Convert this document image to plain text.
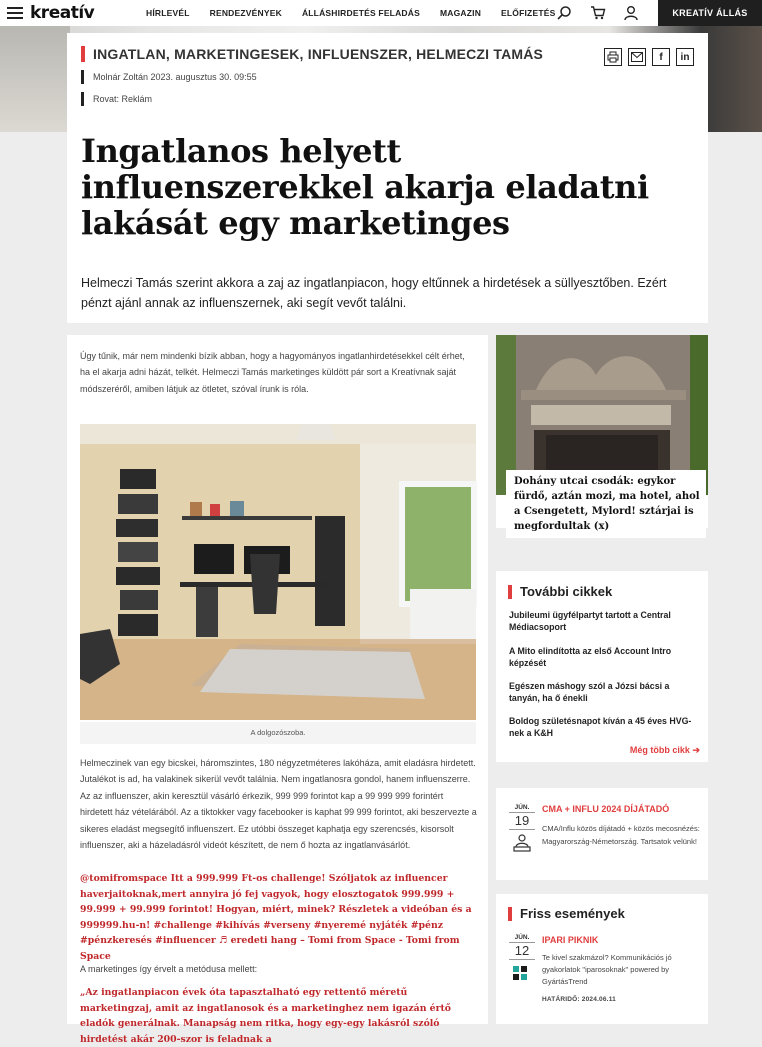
kreatív	HÍRLEVÉL RENDEZVÉNYEK ÁLLÁSHIRDETÉS FELADÁS MAGAZIN ELŐFIZETÉS	KREATÍV ÁLLÁS
INGATLAN, MARKETINGESEK, INFLUENSZER, HELMECZI TAMÁS
Molnár Zoltán 2023. augusztus 30. 09:55
Rovat: Reklám
f	in
Ingatlanos helyett influenszerekkel akarja eladatni lakását egy marketinges
Helmeczi Tamás szerint akkora a zaj az ingatlanpiacon, hogy eltűnnek a hirdetések a süllyesztőben. Ezért pénzt ajánl annak az influenszernek, aki segít vevőt találni.
Úgy tűnik, már nem mindenki bízik abban, hogy a hagyományos ingatlanhirdetésekkel célt érhet, ha el akarja adni házát, telkét. Helmeczi Tamás marketinges küldött pár sort a Kreatívnak saját módszeréről, amiben látjuk az ötletet, szóval írunk is róla.
A dolgozószoba.
Helmeczinek van egy bicskei, háromszintes, 180 négyzetméteres lakóháza, amit eladásra hirdetett. Jutalékot is ad, ha valakinek sikerül vevőt találnia. Nem ingatlanosra gondol, hanem influenszerre. Az az influenszer, akin keresztül vásárló érkezik, 999 999 forintot kap a 99 999 999 forintért hirdetett ház vételárából. Az a tiktokker vagy facebooker is kaphat 99 999 forintot, aki beszervezte a sikeres eladást megsegítő influenszert. Ez utóbbi összeget kaphatja egy szerencsés, kisorsolt influenszer, aki a házeladásról videót készített, de nem ő hozta az ingatlanvásárlót.
@tomifromspace Itt a 999.999 Ft-os challenge! Szóljatok az influencer haverjaitoknak,mert annyira jó fej vagyok, hogy elosztogatok 999.999 + 99.999 + 99.999 forintot! Hogyan, miért, minek? Részletek a videóban és a 999999.hu-n! #challenge #kihívás #verseny #nyeremé nyjáték #pénz #pénzkeresés #influencer ♬ eredeti hang – Tomi from Space - Tomi from Space
A marketinges így érvelt a metódusa mellett:
„Az ingatlanpiacon évek óta tapasztalható egy rettentő méretű marketingzaj, amit az ingatlanosok és a marketinghez nem igazán értő eladók generálnak. Manapság nem ritka, hogy egy-egy lakásról szóló hirdetést akár 200-szor is feladnak a
Dohány utcai csodák: egykor fürdő, aztán mozi, ma hotel, ahol a Csengetett, Mylord! sztárjai is megfordultak (x)
További cikkek
Jubileumi ügyfélpartyt tartott a Central Médiacsoport
A Mito elindította az első Account Intro képzését
Egészen máshogy szól a Józsi bácsi a tanyán, ha ő énekli
Boldog születésnapot kíván a 45 éves HVG-nek a K&H
Még több cikk ➔
JÚN.
19
CMA + INFLU 2024 DÍJÁTADÓ
CMA/Influ közös díjátadó + közös mecosnézés: Magyarország-Németország. Tartsatok velünk!
Friss események
JÚN.
12
IPARI PIKNIK
Te kivel szakmázol? Kommunikációs jó gyakorlatok "iparosoknak" powered by GyártásTrend
HATÁRIDŐ: 2024.06.11
